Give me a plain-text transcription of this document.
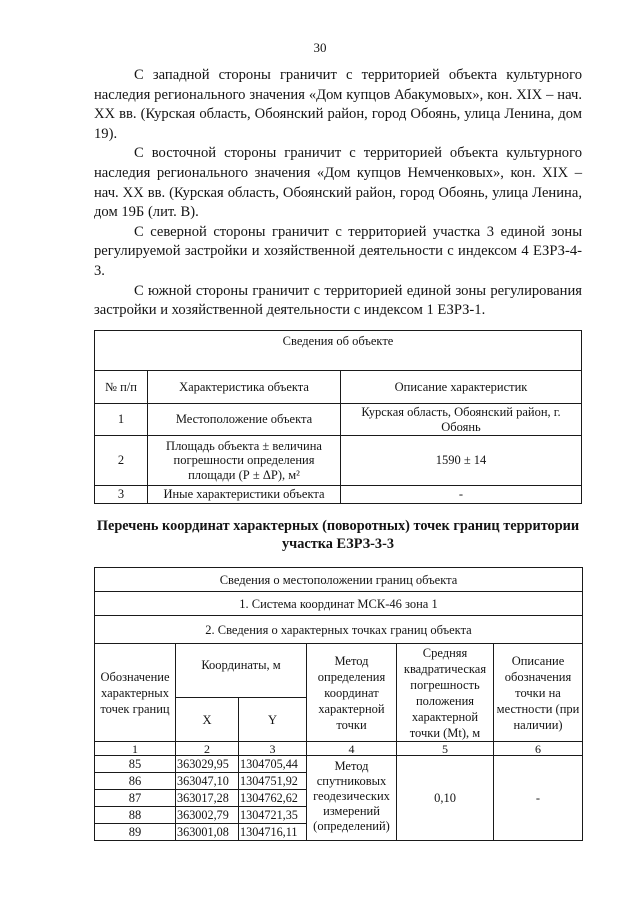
30

С западной стороны граничит с территорией объекта культурного наследия регионального значения «Дом купцов Абакумовых», кон. XIX – нач. XX вв. (Курская область, Обоянский район, город Обоянь, улица Ленина, дом 19).

С восточной стороны граничит с территорией объекта культурного наследия регионального значения «Дом купцов Немченковых», кон. XIX – нач. XX вв. (Курская область, Обоянский район, город Обоянь, улица Ленина, дом 19Б (лит. В).

С северной стороны граничит с территорией участка 3 единой зоны регулируемой застройки и хозяйственной деятельности с индексом 4 ЕЗРЗ-4-3.

С южной стороны граничит с территорией единой зоны регулирования застройки и хозяйственной деятельности с индексом 1 ЕЗРЗ-1.

Сведения об объекте		
№ п/п	Характеристика объекта	Описание характеристик
1	Местоположение объекта	Курская область, Обоянский район, г. Обоянь
2	Площадь объекта ± величина погрешности определения площади (Р ± ΔР), м²	1590 ± 14
3	Иные характеристики объекта	-
Перечень координат характерных (поворотных) точек границ территории участка ЕЗРЗ-3-3
Сведения о местоположении границ объекта					
1. Система координат МСК-46 зона 1					
2. Сведения о характерных точках границ объекта					
Обозначение характерных точек границ	Координаты, м		Метод определения координат характерной точки	Средняя квадратическая погрешность положения характерной точки (Mt), м	Описание обозначения точки на местности (при наличии)
	X	Y			
1	2	3	4	5	6
85	363029,95	1304705,44	Метод спутниковых геодезических измерений (определений)	0,10	-
86	363047,10	1304751,92			
87	363017,28	1304762,62			
88	363002,79	1304721,35			
89	363001,08	1304716,11			
